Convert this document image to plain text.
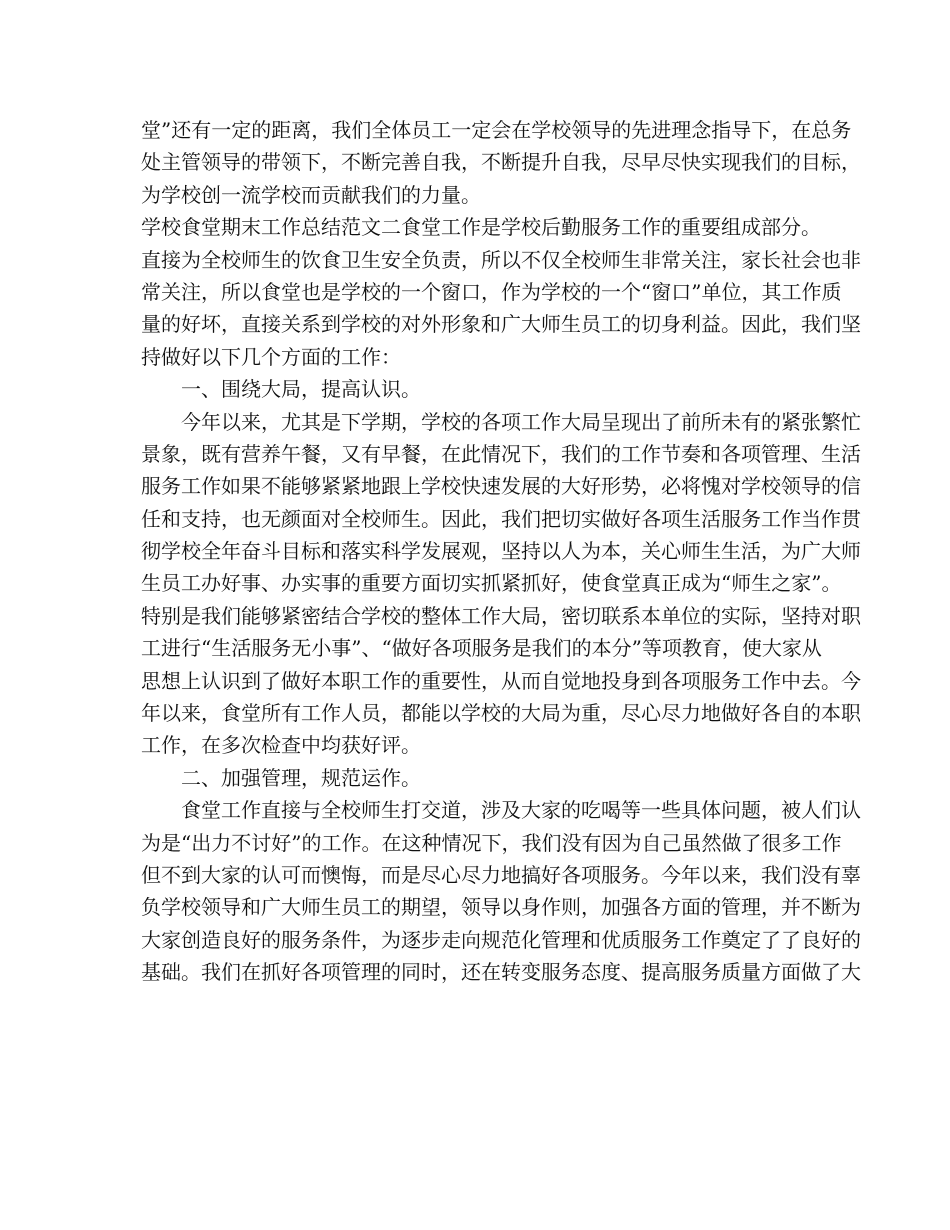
堂”还有一定的距离，我们全体员工一定会在学校领导的先进理念指导下，在总务
处主管领导的带领下，不断完善自我，不断提升自我，尽早尽快实现我们的目标，
为学校创一流学校而贡献我们的力量。
学校食堂期末工作总结范文二 食堂工作是学校后勤服务工作的重要组成部分。
直接为全校师生的饮食卫生安全负责，所以不仅全校师生非常关注，家长社会也非
常关注，所以食堂也是学校的一个窗口，作为学校的一个“窗口”单位，其工作质
量的好坏，直接关系到学校的对外形象和广大师生员工的切身利益。因此，我们坚
持做好以下几个方面的工作：
一、围绕大局，提高认识。
今年以来，尤其是下学期，学校的各项工作大局呈现出了前所未有的紧张繁忙
景象，既有营养午餐，又有早餐，在此情况下，我们的工作节奏和各项管理、生活
服务工作如果不能够紧紧地跟上学校快速发展的大好形势，必将愧对学校领导的信
任和支持，也无颜面对全校师生。因此，我们把切实做好各项生活服务工作当作贯
彻学校全年奋斗目标和落实科学发展观，坚持以人为本，关心师生生活，为广大师
生员工办好事、办实事的重要方面切实抓紧抓好，使食堂真正成为“师生之家”。
特别是我们能够紧密结合学校的整体工作大局，密切联系本单位的实际，坚持对职
工进行“生活服务无小事”、“做好各项服务是我们的本分”等项教育，使大家从
思想上认识到了做好本职工作的重要性，从而自觉地投身到各项服务工作中去。今
年以来，食堂所有工作人员，都能以学校的大局为重，尽心尽力地做好各自的本职
工作，在多次检查中均获好评。
二、加强管理，规范运作。
食堂工作直接与全校师生打交道，涉及大家的吃喝等一些具体问题，被人们认
为是“出力不讨好”的工作。在这种情况下，我们没有因为自己虽然做了很多工作
但不到大家的认可而懊悔，而是尽心尽力地搞好各项服务。今年以来，我们没有辜
负学校领导和广大师生员工的期望，领导以身作则，加强各方面的管理，并不断为
大家创造良好的服务条件，为逐步走向规范化管理和优质服务工作奠定了了良好的
基础。我们在抓好各项管理的同时，还在转变服务态度、提高服务质量方面做了大
